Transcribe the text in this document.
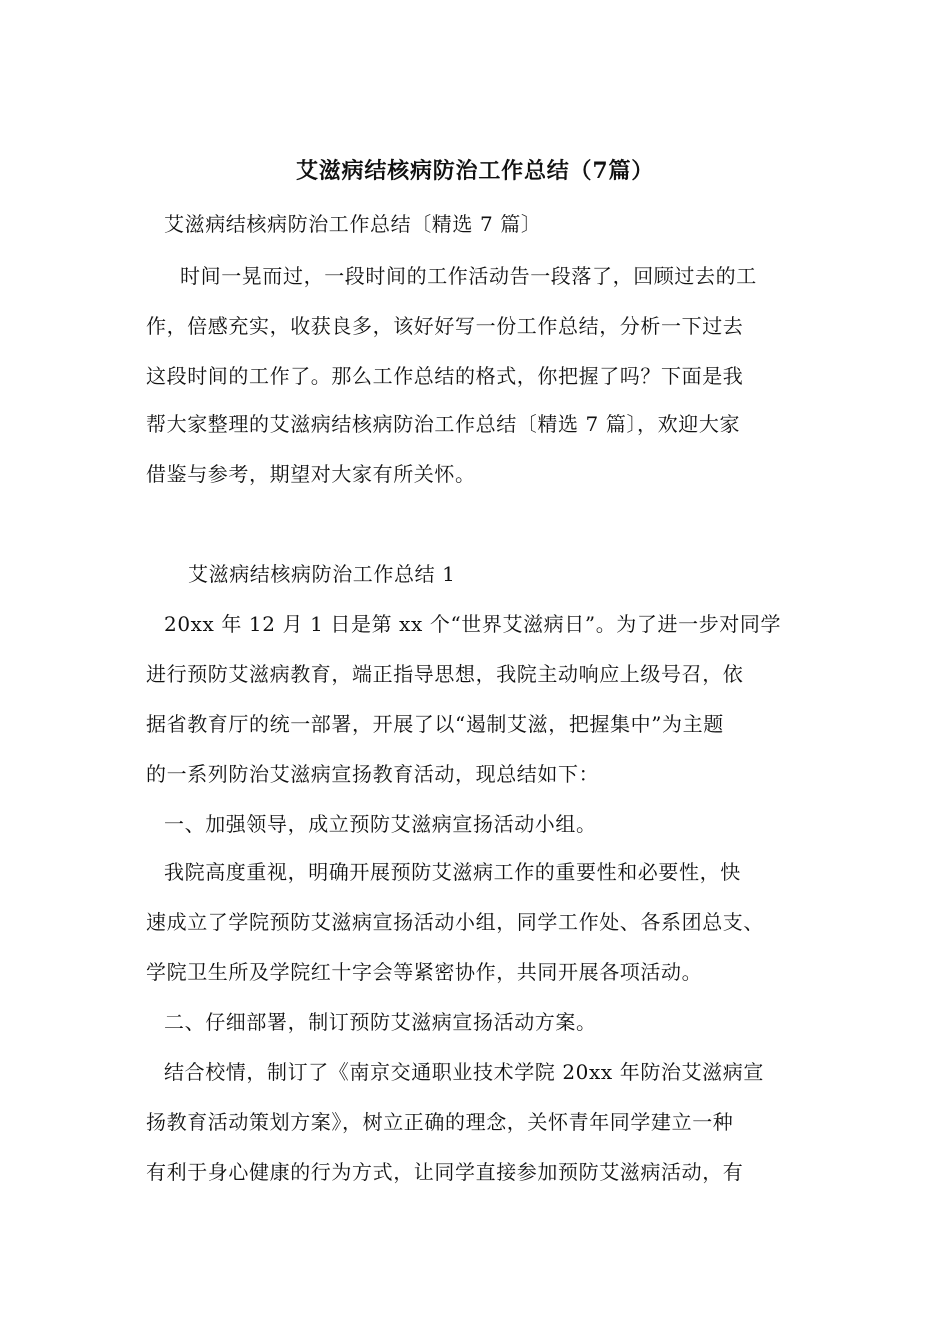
艾滋病结核病防治工作总结（7篇）
艾滋病结核病防治工作总结〔精选 7 篇〕
时间一晃而过，一段时间的工作活动告一段落了，回顾过去的工
作，倍感充实，收获良多，该好好写一份工作总结，分析一下过去
这段时间的工作了。那么工作总结的格式，你把握了吗？下面是我
帮大家整理的艾滋病结核病防治工作总结〔精选 7 篇〕，欢迎大家
借鉴与参考，期望对大家有所关怀。
艾滋病结核病防治工作总结 1
20xx 年 12 月 1 日是第 xx 个“世界艾滋病日”。为了进一步对同学
进行预防艾滋病教育，端正指导思想，我院主动响应上级号召，依
据省教育厅的统一部署，开展了以“遏制艾滋，把握集中”为主题
的一系列防治艾滋病宣扬教育活动，现总结如下：
一、加强领导，成立预防艾滋病宣扬活动小组。
我院高度重视，明确开展预防艾滋病工作的重要性和必要性，快
速成立了学院预防艾滋病宣扬活动小组，同学工作处、各系团总支、
学院卫生所及学院红十字会等紧密协作，共同开展各项活动。
二、仔细部署，制订预防艾滋病宣扬活动方案。
结合校情，制订了《南京交通职业技术学院 20xx 年防治艾滋病宣
扬教育活动策划方案》，树立正确的理念，关怀青年同学建立一种
有利于身心健康的行为方式，让同学直接参加预防艾滋病活动，有
